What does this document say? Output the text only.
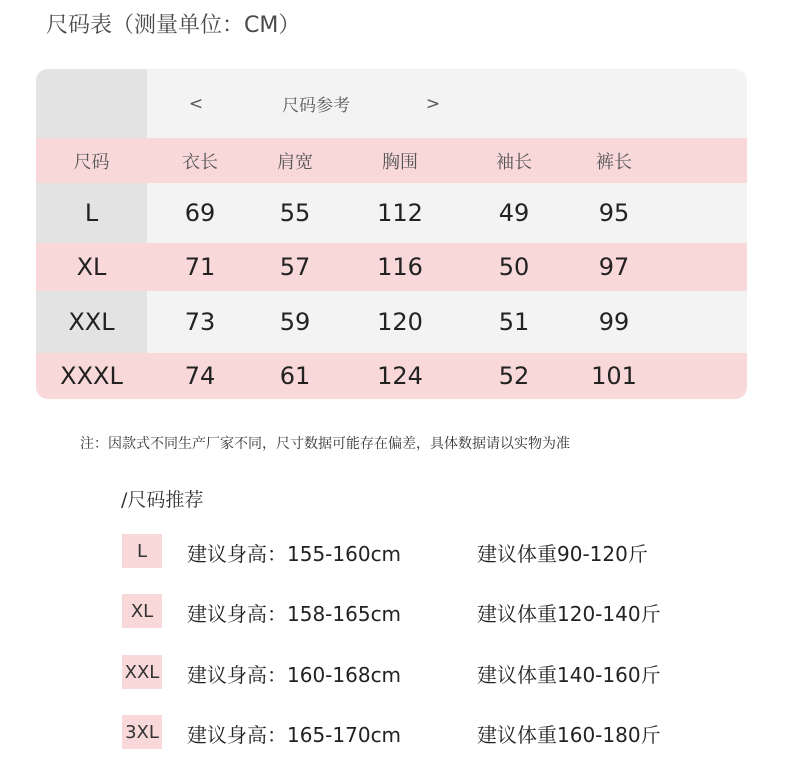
尺码表（测量单位：CM）
<	尺码参考	>
尺码	衣长	肩宽	胸围	袖长	裤长
L	69	55	112	49	95
XL	71	57	116	50	97
XXL	73	59	120	51	99
XXXL	74	61	124	52	101
注：因款式不同生产厂家不同，尺寸数据可能存在偏差，具体数据请以实物为准
/尺码推荐
L	建议身高：155-160cm	建议体重90-120斤
XL	建议身高：158-165cm	建议体重120-140斤
XXL 建议身高：160-168cm	建议体重140-160斤
3XL 建议身高：165-170cm	建议体重160-180斤
